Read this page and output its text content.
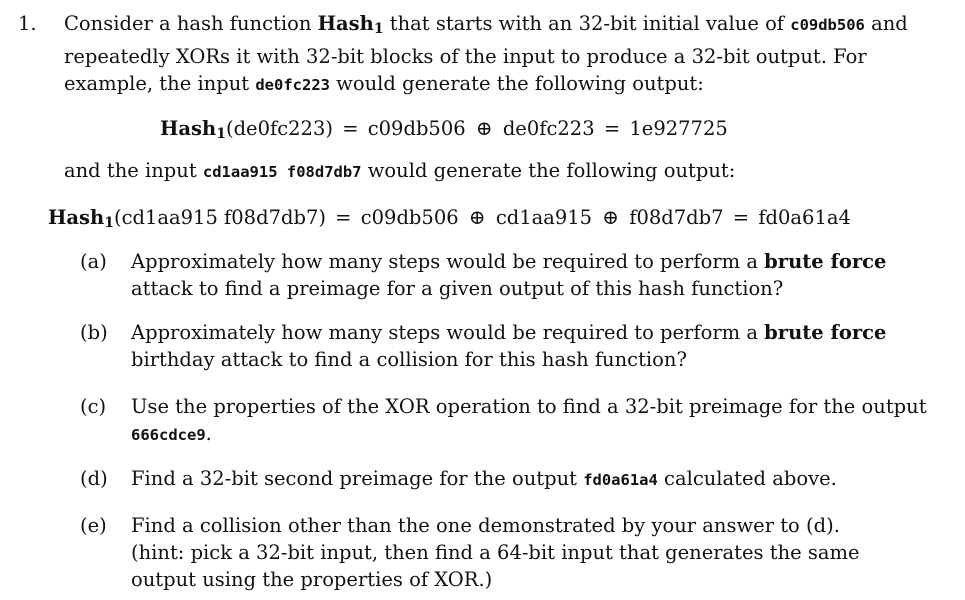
1. Consider a hash function Hash$_1$ that starts with an 32-bit initial value of c09db506 and repeatedly XORs it with 32-bit blocks of the input to produce a 32-bit output. For example, the input de0fc223 would generate the following output:
Hash$_1$(de0fc223) = c09db506 ⊕ de0fc223 = 1e927725
and the input cd1aa915 f08d7db7 would generate the following output:
Hash$_1$(cd1aa915 f08d7db7) = c09db506 ⊕ cd1aa915 ⊕ f08d7db7 = fd0a61a4
(a) Approximately how many steps would be required to perform a brute force attack to find a preimage for a given output of this hash function?
(b) Approximately how many steps would be required to perform a brute force birthday attack to find a collision for this hash function?
(c) Use the properties of the XOR operation to find a 32-bit preimage for the output 666cdce9.
(d) Find a 32-bit second preimage for the output fd0a61a4 calculated above.
(e) Find a collision other than the one demonstrated by your answer to (d).
(hint: pick a 32-bit input, then find a 64-bit input that generates the same
output using the properties of XOR.)
